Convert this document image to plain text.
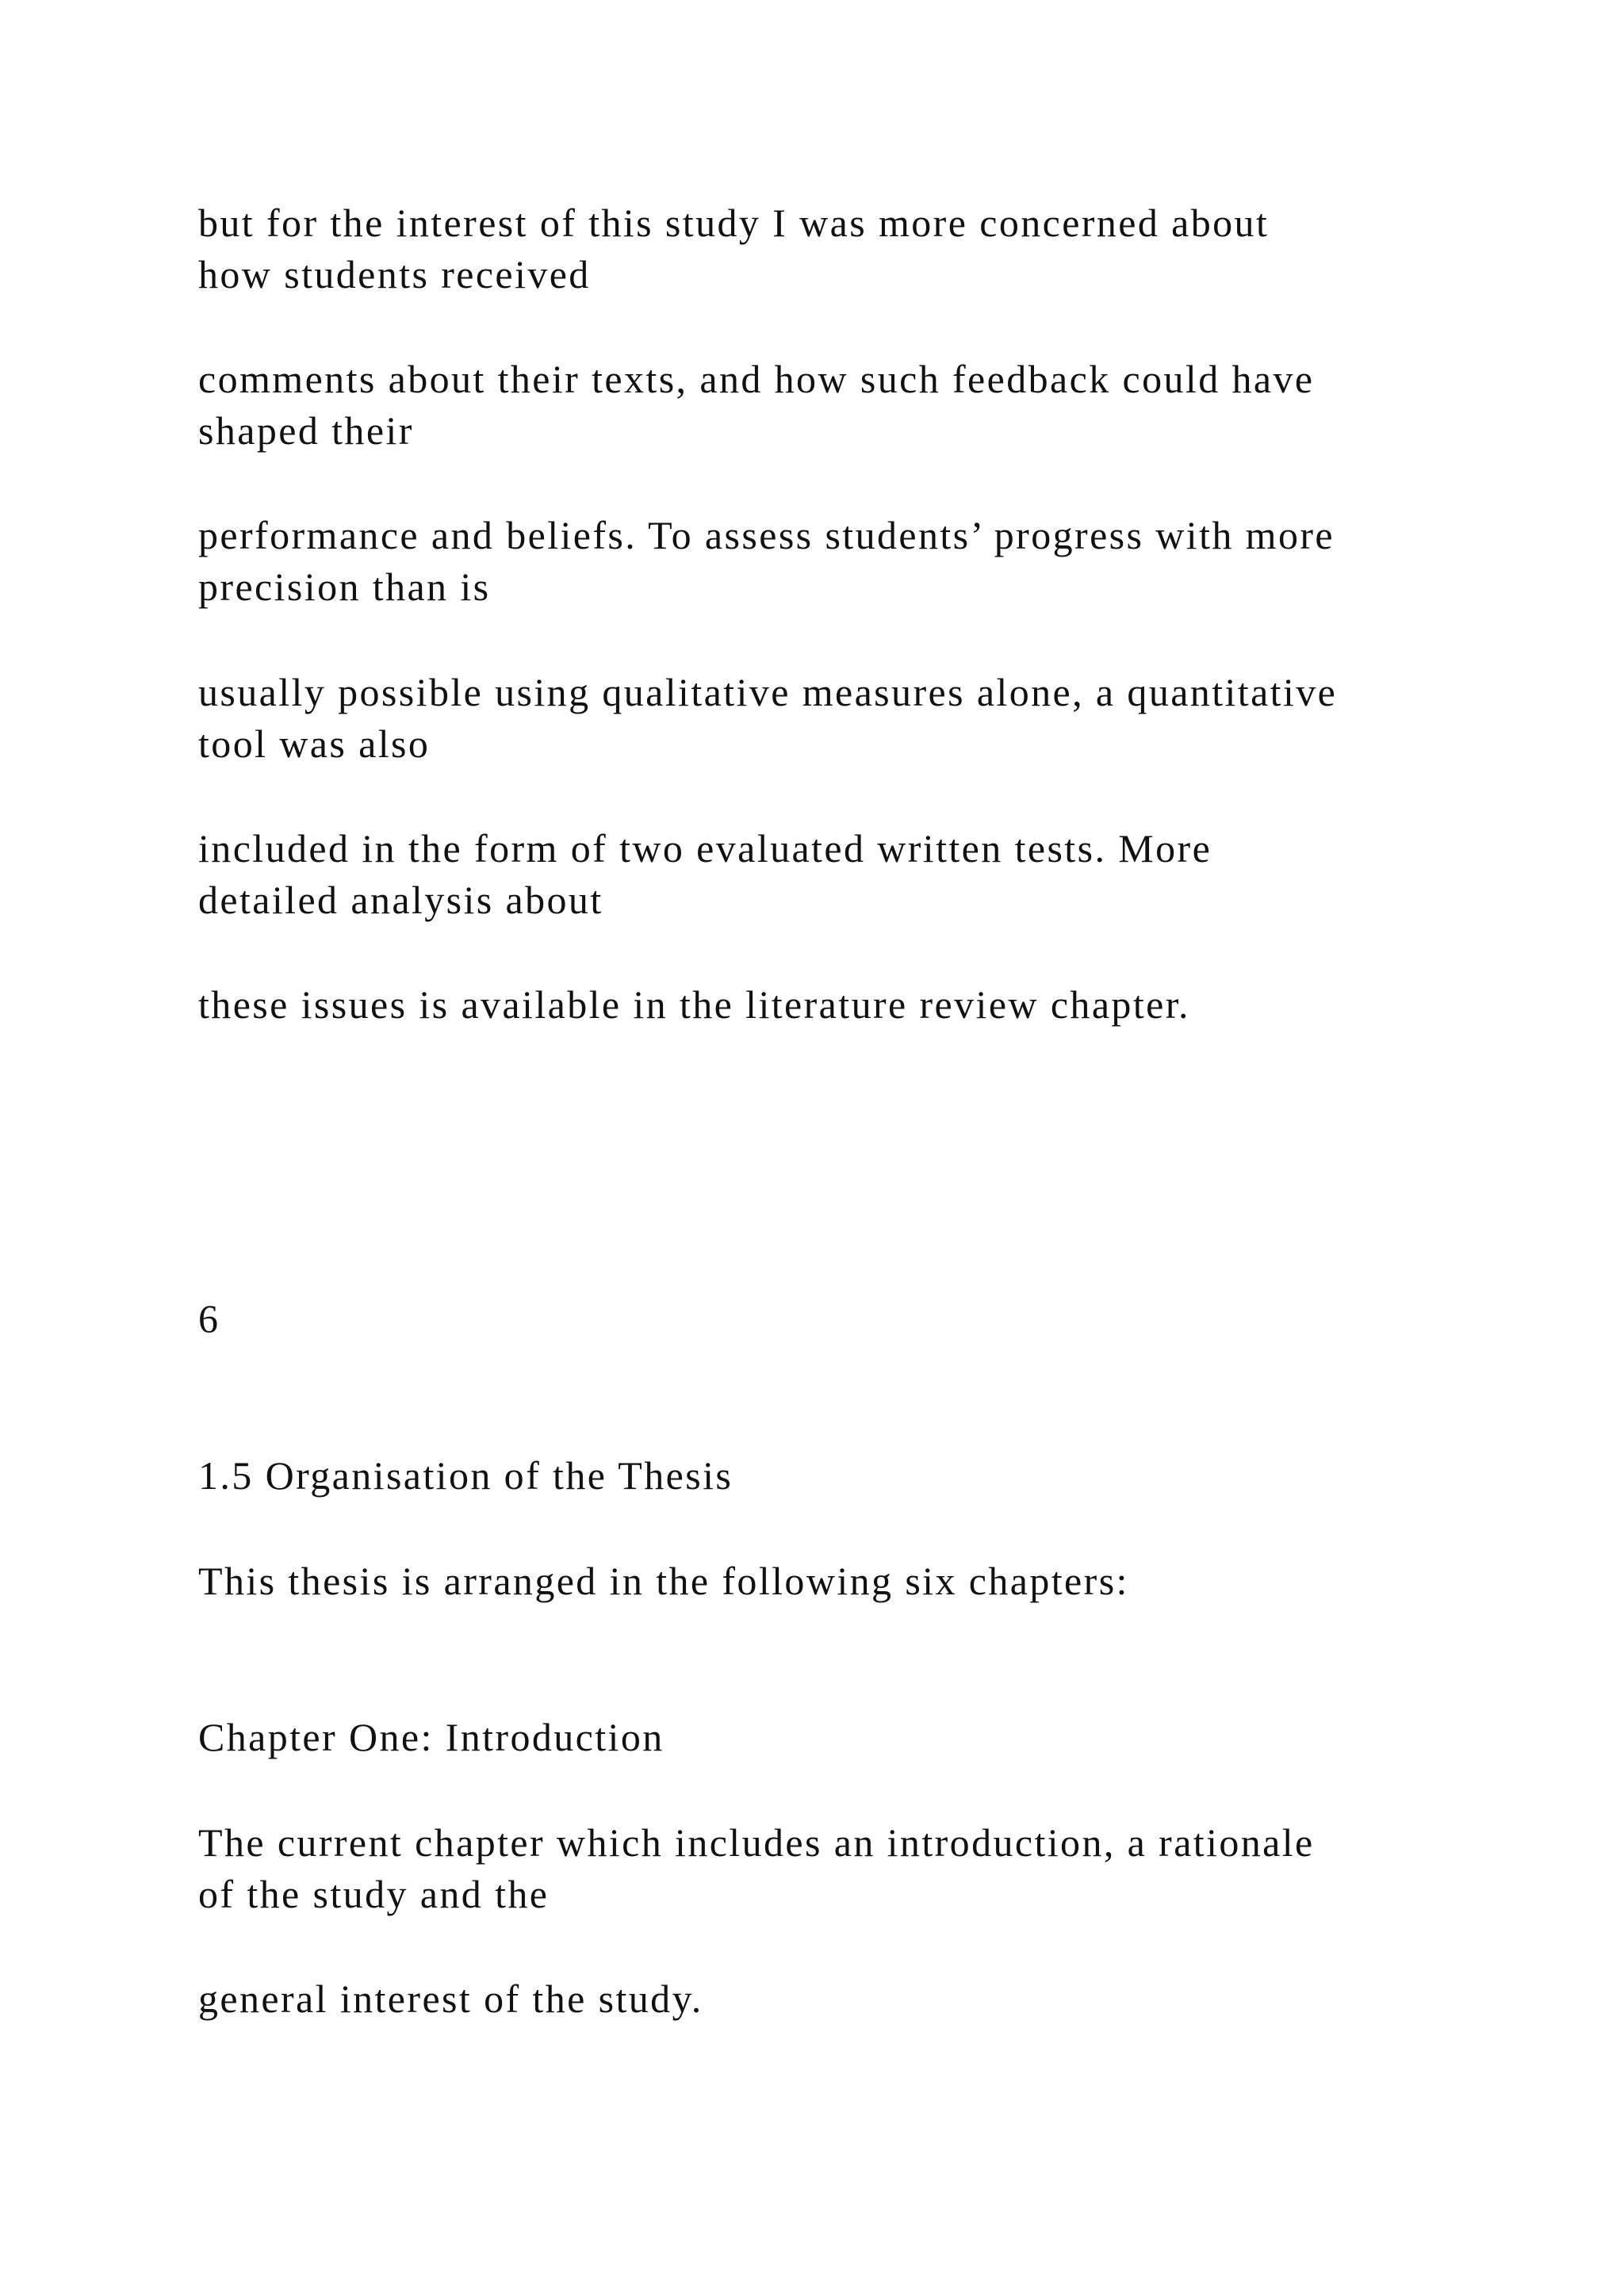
but for the interest of this study I was more concerned about
how students received
comments about their texts, and how such feedback could have
shaped their
performance and beliefs. To assess students’ progress with more
precision than is
usually possible using qualitative measures alone, a quantitative
tool was also
included in the form of two evaluated written tests. More
detailed analysis about
these issues is available in the literature review chapter.
6
1.5 Organisation of the Thesis
This thesis is arranged in the following six chapters:
Chapter One: Introduction
The current chapter which includes an introduction, a rationale
of the study and the
general interest of the study.
